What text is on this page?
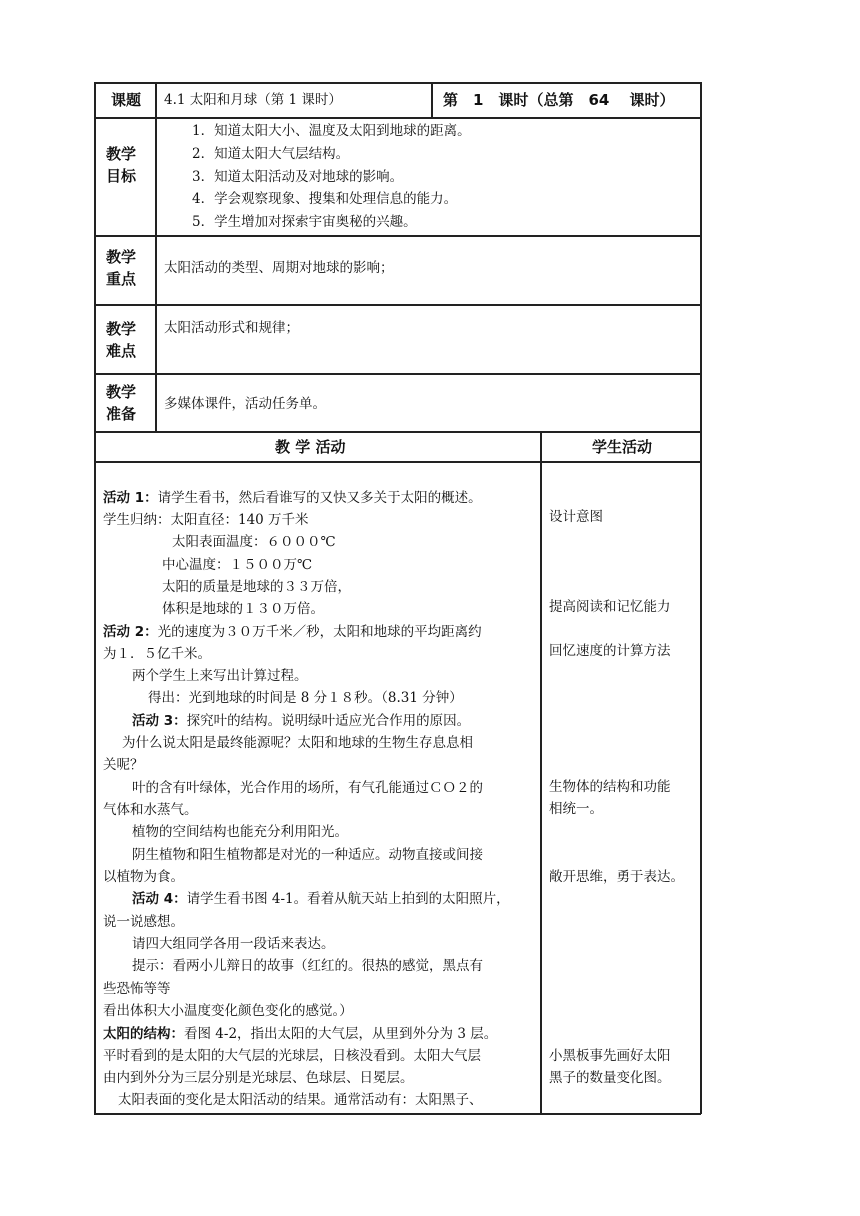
课题 4.1 太阳和月球（第 1 课时）	第　1　课时（总第　64　 课时）
教学
目标
1．知道太阳大小、温度及太阳到地球的距离。
2．知道太阳大气层结构。
3．知道太阳活动及对地球的影响。
4．学会观察现象、搜集和处理信息的能力。
5．学生增加对探索宇宙奥秘的兴趣。
教学
重点
太阳活动的类型、周期对地球的影响；
教学
难点
太阳活动形式和规律；
教学
准备
多媒体课件，活动任务单。
教 学 活动	学生活动
活动 1：请学生看书，然后看谁写的又快又多关于太阳的概述。
学生归纳：太阳直径：140 万千米
太阳表面温度：６０００℃
中心温度：１５００万℃
太阳的质量是地球的３３万倍，
体积是地球的１３０万倍。
活动 2：光的速度为３０万千米／秒，太阳和地球的平均距离约
为１．５亿千米。
两个学生上来写出计算过程。
得出：光到地球的时间是 8 分１８秒。（8.31 分钟）
活动 3：探究叶的结构。说明绿叶适应光合作用的原因。
为什么说太阳是最终能源呢？太阳和地球的生物生存息息相
关呢？
叶的含有叶绿体，光合作用的场所，有气孔能通过ＣＯ２的
气体和水蒸气。
植物的空间结构也能充分利用阳光。
阴生植物和阳生植物都是对光的一种适应。动物直接或间接
以植物为食。
活动 4：请学生看书图 4-1。看着从航天站上拍到的太阳照片，
说一说感想。
请四大组同学各用一段话来表达。
提示：看两小儿辩日的故事（红红的。很热的感觉，黑点有
些恐怖等等
看出体积大小温度变化颜色变化的感觉。）
太阳的结构：看图 4-2，指出太阳的大气层，从里到外分为 3 层。
平时看到的是太阳的大气层的光球层，日核没看到。太阳大气层
由内到外分为三层分别是光球层、色球层、日冕层。
太阳表面的变化是太阳活动的结果。通常活动有：太阳黑子、
设计意图
提高阅读和记忆能力
回忆速度的计算方法
生物体的结构和功能
相统一。
敞开思维，勇于表达。
小黑板事先画好太阳
黑子的数量变化图。
